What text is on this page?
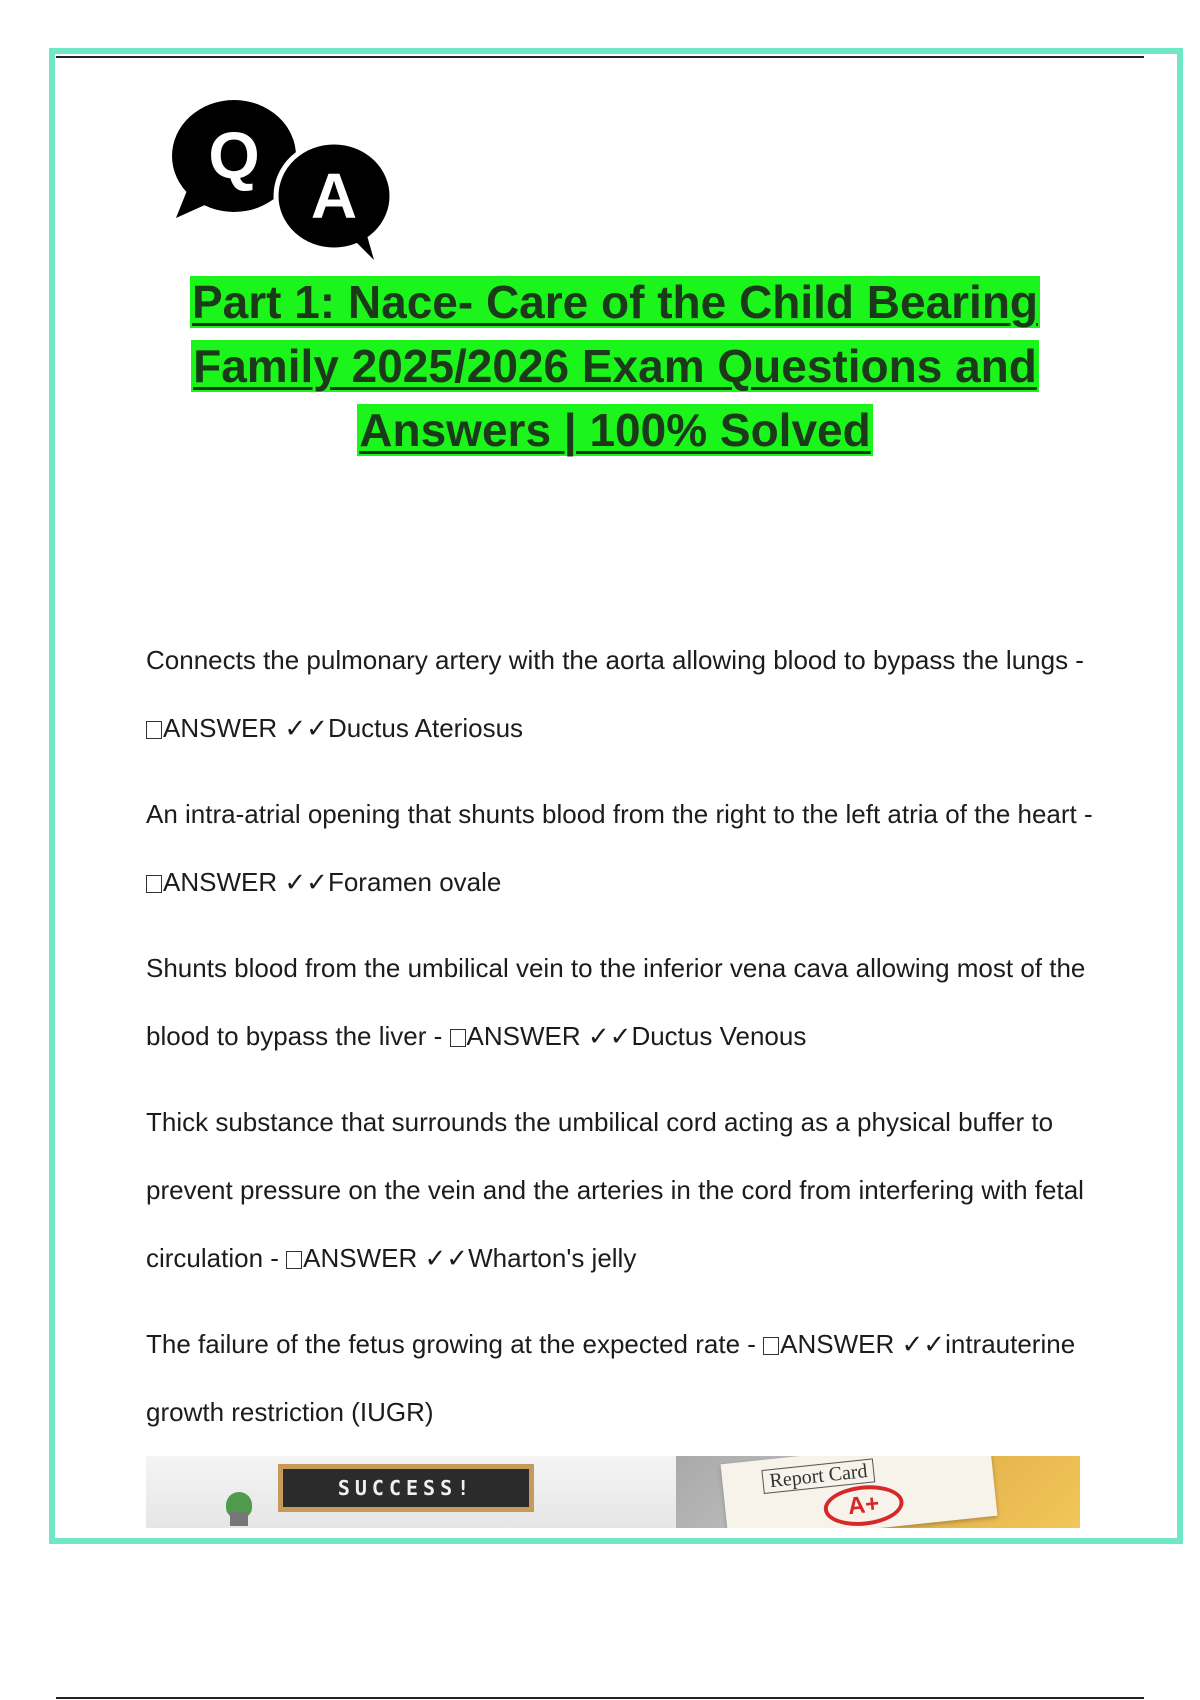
Q
A
Part 1: Nace- Care of the Child Bearing
Family 2025/2026 Exam Questions and
Answers | 100% Solved
Connects the pulmonary artery with the aorta allowing blood to bypass the lungs - ANSWER ✓✓Ductus Ateriosus
An intra-atrial opening that shunts blood from the right to the left atria of the heart - ANSWER ✓✓Foramen ovale
Shunts blood from the umbilical vein to the inferior vena cava allowing most of the blood to bypass the liver - ANSWER ✓✓Ductus Venous
Thick substance that surrounds the umbilical cord acting as a physical buffer to prevent pressure on the vein and the arteries in the cord from interfering with fetal circulation - ANSWER ✓✓Wharton's jelly
The failure of the fetus growing at the expected rate - ANSWER ✓✓intrauterine growth restriction (IUGR)
SUCCESS!	Report Card
A+
